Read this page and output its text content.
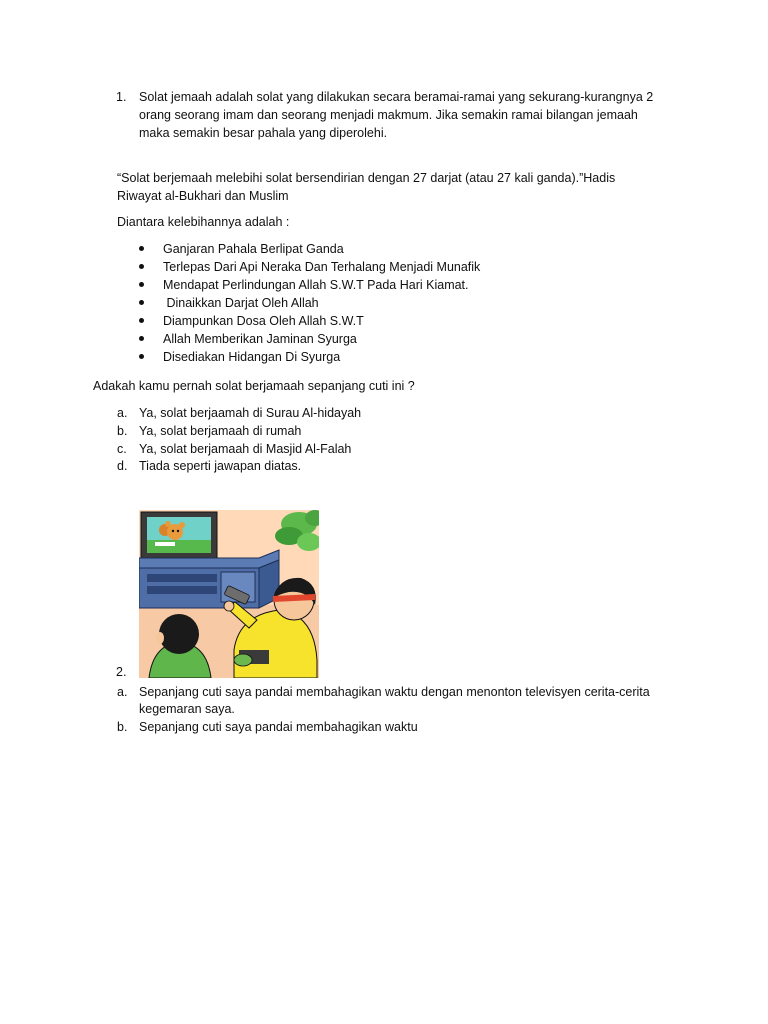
1. Solat jemaah adalah solat yang dilakukan secara beramai-ramai yang sekurang-kurangnya 2
orang seorang imam dan seorang menjadi makmum. Jika semakin ramai bilangan jemaah
maka semakin besar pahala yang diperolehi.
“Solat berjemaah melebihi solat bersendirian dengan 27 darjat (atau 27 kali ganda).”Hadis
Riwayat al-Bukhari dan Muslim
Diantara kelebihannya adalah :
Ganjaran Pahala Berlipat Ganda
Terlepas Dari Api Neraka Dan Terhalang Menjadi Munafik
Mendapat Perlindungan Allah S.W.T Pada Hari Kiamat.
Dinaikkan Darjat Oleh Allah
Diampunkan Dosa Oleh Allah S.W.T
Allah Memberikan Jaminan Syurga
Disediakan Hidangan Di Syurga
Adakah kamu pernah solat berjamaah sepanjang cuti ini ?
a. Ya, solat berjaamah di Surau Al-hidayah
b. Ya, solat berjamaah di rumah
c. Ya, solat berjamaah di Masjid Al-Falah
d. Tiada seperti jawapan diatas.
2.
a. Sepanjang cuti saya pandai membahagikan waktu dengan menonton televisyen cerita-cerita
kegemaran saya.
b. Sepanjang cuti saya pandai membahagikan waktu
